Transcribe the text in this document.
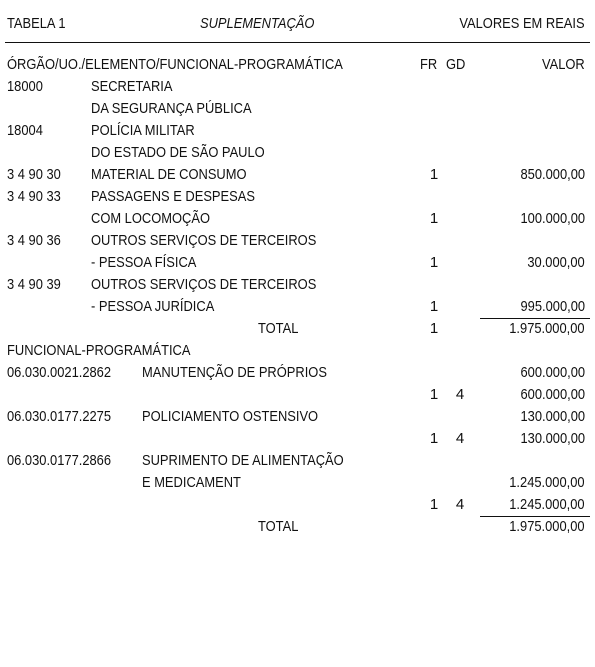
TABELA 1	SUPLEMENTAÇÃO	VALORES EM REAIS
ÓRGÃO/UO./ELEMENTO/FUNCIONAL-PROGRAMÁTICA	FR GD	VALOR
18000	SECRETARIA
DA SEGURANÇA PÚBLICA
18004	POLÍCIA MILITAR
DO ESTADO DE SÃO PAULO
3 4 90 30 MATERIAL DE CONSUMO	1	850.000,00
3 4 90 33 PASSAGENS E DESPESAS
COM LOCOMOÇÃO	1	100.000,00
3 4 90 36 OUTROS SERVIÇOS DE TERCEIROS
- PESSOA FÍSICA	1	30.000,00
3 4 90 39 OUTROS SERVIÇOS DE TERCEIROS
- PESSOA JURÍDICA	1	995.000,00
TOTAL	1	1.975.000,00
FUNCIONAL-PROGRAMÁTICA
06.030.0021.2862 MANUTENÇÃO DE PRÓPRIOS	600.000,00
1 4	600.000,00
06.030.0177.2275 POLICIAMENTO OSTENSIVO	130.000,00
1 4	130.000,00
06.030.0177.2866 SUPRIMENTO DE ALIMENTAÇÃO
E MEDICAMENT	1.245.000,00
1 4	1.245.000,00
TOTAL	1.975.000,00
